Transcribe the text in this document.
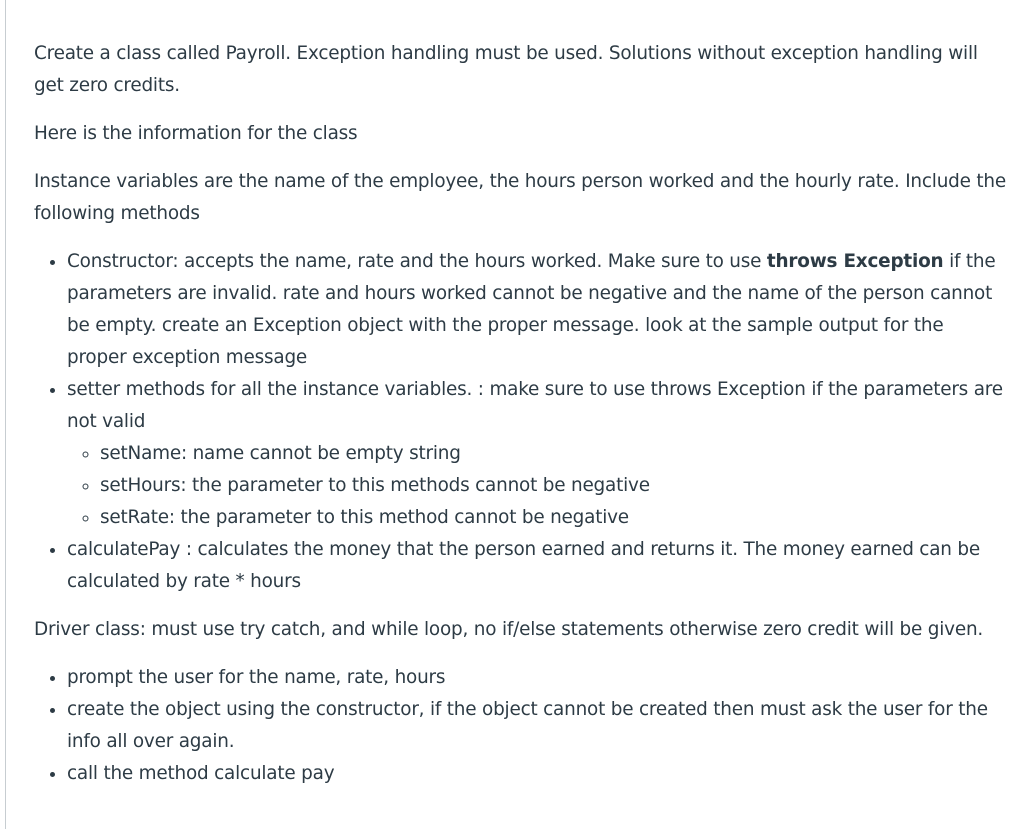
Create a class called Payroll. Exception handling must be used. Solutions without exception handling will get zero credits.

Here is the information for the class

Instance variables are the name of the employee, the hours person worked and the hourly rate. Include the following methods

• Constructor: accepts the name, rate and the hours worked. Make sure to use throws Exception if the parameters are invalid. rate and hours worked cannot be negative and the name of the person cannot be empty. create an Exception object with the proper message. look at the sample output for the proper exception message
• setter methods for all the instance variables. : make sure to use throws Exception if the parameters are not valid
◦ setName: name cannot be empty string
◦ setHours: the parameter to this methods cannot be negative
◦ setRate: the parameter to this method cannot be negative
• calculatePay : calculates the money that the person earned and returns it. The money earned can be calculated by rate * hours

Driver class: must use try catch, and while loop, no if/else statements otherwise zero credit will be given.

• prompt the user for the name, rate, hours
• create the object using the constructor, if the object cannot be created then must ask the user for the info all over again.
• call the method calculate pay
